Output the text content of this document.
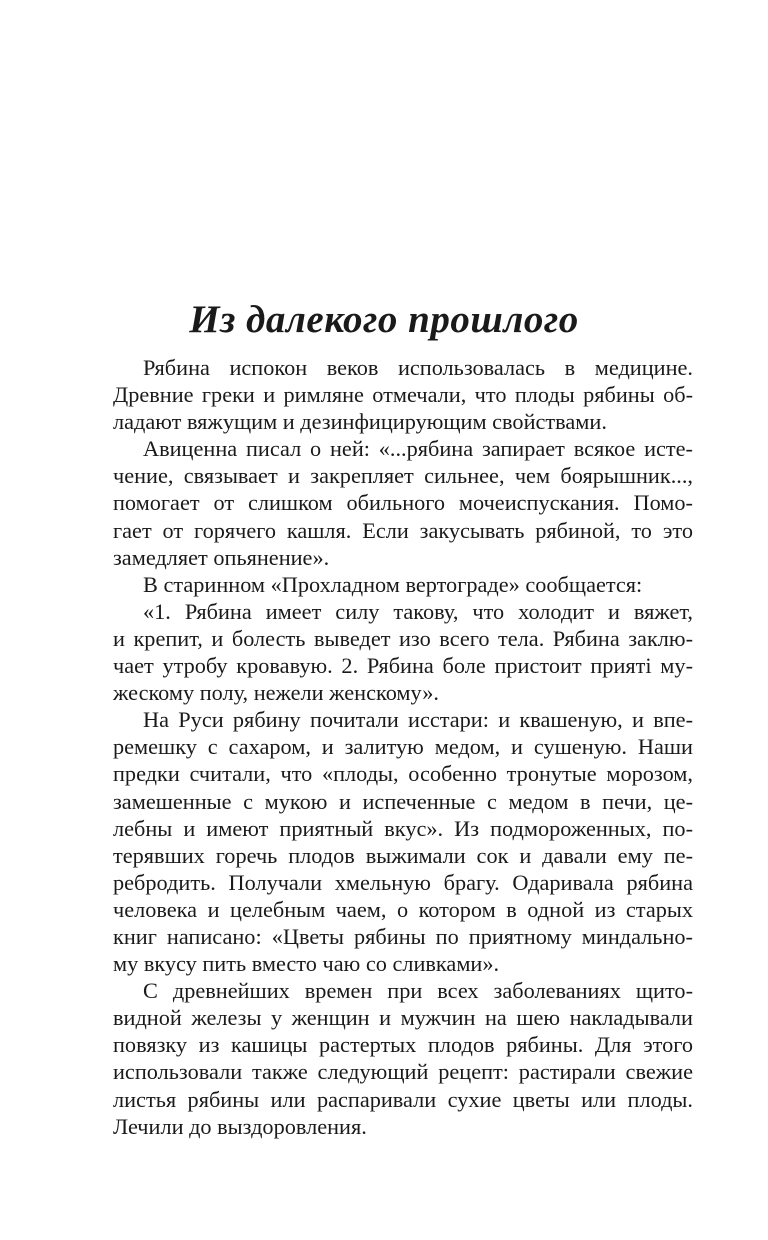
Из далекого прошлого
Рябина испокон веков использовалась в медицине.
Древние греки и римляне отмечали, что плоды рябины об-
ладают вяжущим и дезинфицирующим свойствами.
Авиценна писал о ней: «...рябина запирает всякое исте-
чение, связывает и закрепляет сильнее, чем боярышник...,
помогает от слишком обильного мочеиспускания. Помо-
гает от горячего кашля. Если закусывать рябиной, то это
замедляет опьянение».
В старинном «Прохладном вертограде» сообщается:
«1. Рябина имеет силу такову, что холодит и вяжет,
и крепит, и болесть выведет изо всего тела. Рябина заклю-
чает утробу кровавую. 2. Рябина боле пристоит приятi му-
жескому полу, нежели женскому».
На Руси рябину почитали исстари: и квашеную, и впе-
ремешку с сахаром, и залитую медом, и сушеную. Наши
предки считали, что «плоды, особенно тронутые морозом,
замешенные с мукою и испеченные с медом в печи, це-
лебны и имеют приятный вкус». Из подмороженных, по-
терявших горечь плодов выжимали сок и давали ему пе-
ребродить. Получали хмельную брагу. Одаривала рябина
человека и целебным чаем, о котором в одной из старых
книг написано: «Цветы рябины по приятному миндально-
му вкусу пить вместо чаю со сливками».
С древнейших времен при всех заболеваниях щито-
видной железы у женщин и мужчин на шею накладывали
повязку из кашицы растертых плодов рябины. Для этого
использовали также следующий рецепт: растирали свежие
листья рябины или распаривали сухие цветы или плоды.
Лечили до выздоровления.
